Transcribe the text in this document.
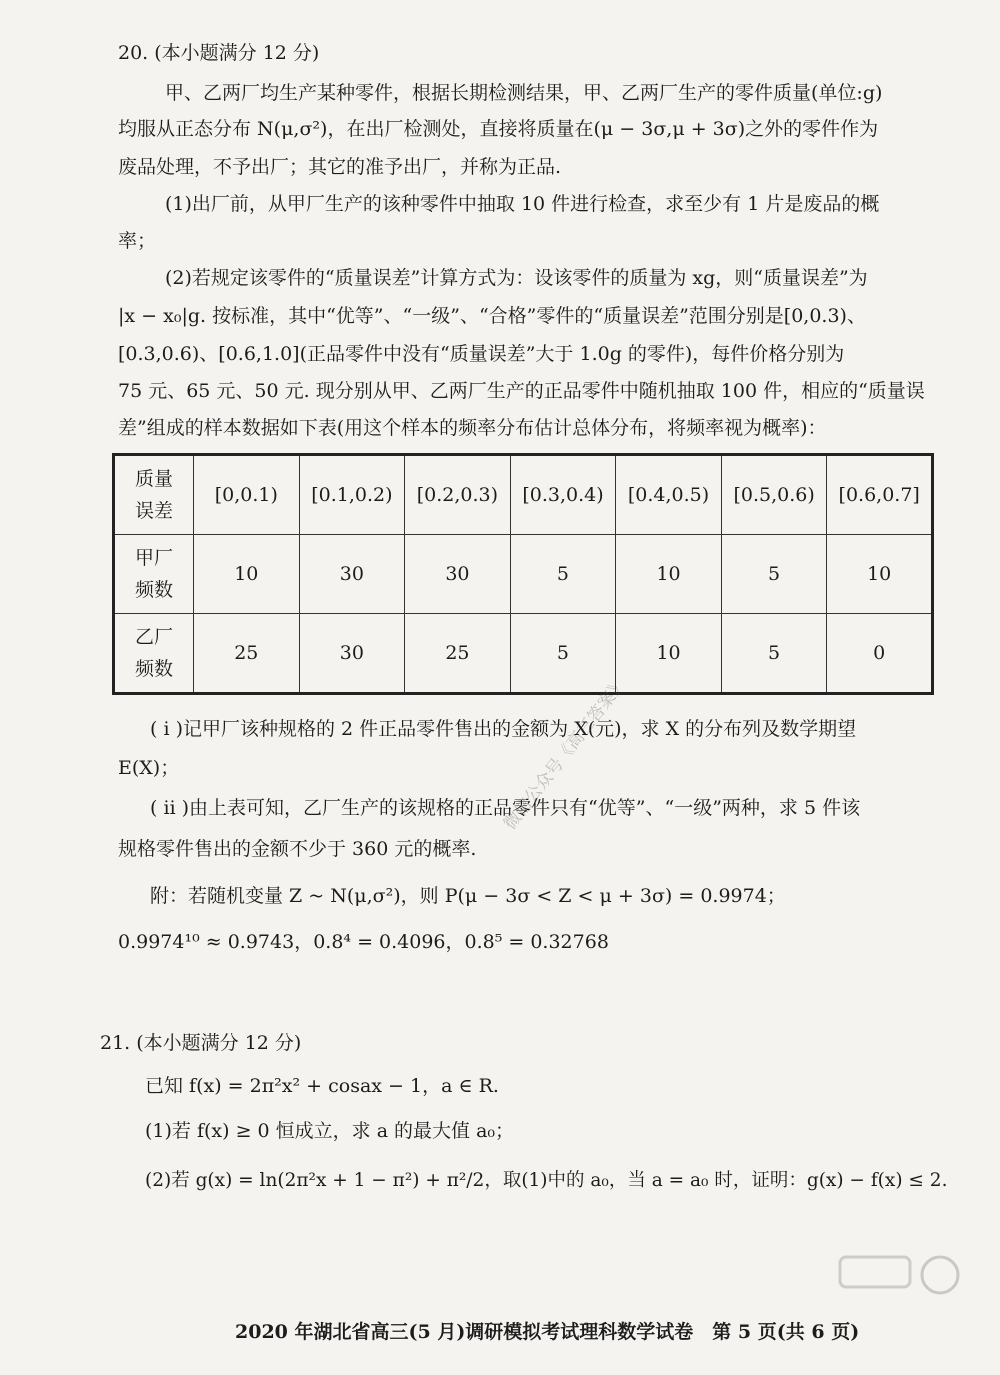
20. (本小题满分 12 分)
甲、乙两厂均生产某种零件，根据长期检测结果，甲、乙两厂生产的零件质量(单位:g)
均服从正态分布 N(μ,σ²)，在出厂检测处，直接将质量在(μ − 3σ,μ + 3σ)之外的零件作为
废品处理，不予出厂；其它的准予出厂，并称为正品.
(1)出厂前，从甲厂生产的该种零件中抽取 10 件进行检查，求至少有 1 片是废品的概
率；
(2)若规定该零件的“质量误差”计算方式为：设该零件的质量为 xg，则“质量误差”为
|x − x₀|g. 按标准，其中“优等”、“一级”、“合格”零件的“质量误差”范围分别是[0,0.3)、
[0.3,0.6)、[0.6,1.0](正品零件中没有“质量误差”大于 1.0g 的零件)，每件价格分别为
75 元、65 元、50 元. 现分别从甲、乙两厂生产的正品零件中随机抽取 100 件，相应的“质量误
差”组成的样本数据如下表(用这个样本的频率分布估计总体分布，将频率视为概率)：
质量
误差	[0,0.1)	[0.1,0.2)	[0.2,0.3)	[0.3,0.4)	[0.4,0.5)	[0.5,0.6)	[0.6,0.7]
甲厂
频数	10	30	30	5	10	5	10
乙厂
频数	25	30	25	5	10	5	0
( ⅰ )记甲厂该种规格的 2 件正品零件售出的金额为 X(元)，求 X 的分布列及数学期望
E(X)；
( ⅱ )由上表可知，乙厂生产的该规格的正品零件只有“优等”、“一级”两种，求 5 件该
规格零件售出的金额不少于 360 元的概率.
附：若随机变量 Z ~ N(μ,σ²)，则 P(μ − 3σ < Z < μ + 3σ) = 0.9974；
0.9974¹⁰ ≈ 0.9743，0.8⁴ = 0.4096，0.8⁵ = 0.32768
微信公众号《高三答案》
21. (本小题满分 12 分)
已知 f(x) = 2π²x² + cosax − 1，a ∈ R.
(1)若 f(x) ≥ 0 恒成立，求 a 的最大值 a₀；
(2)若 g(x) = ln(2π²x + 1 − π²) + π²/2，取(1)中的 a₀，当 a = a₀ 时，证明：g(x) − f(x) ≤ 2.
2020 年湖北省高三(5 月)调研模拟考试理科数学试卷　第 5 页(共 6 页)
